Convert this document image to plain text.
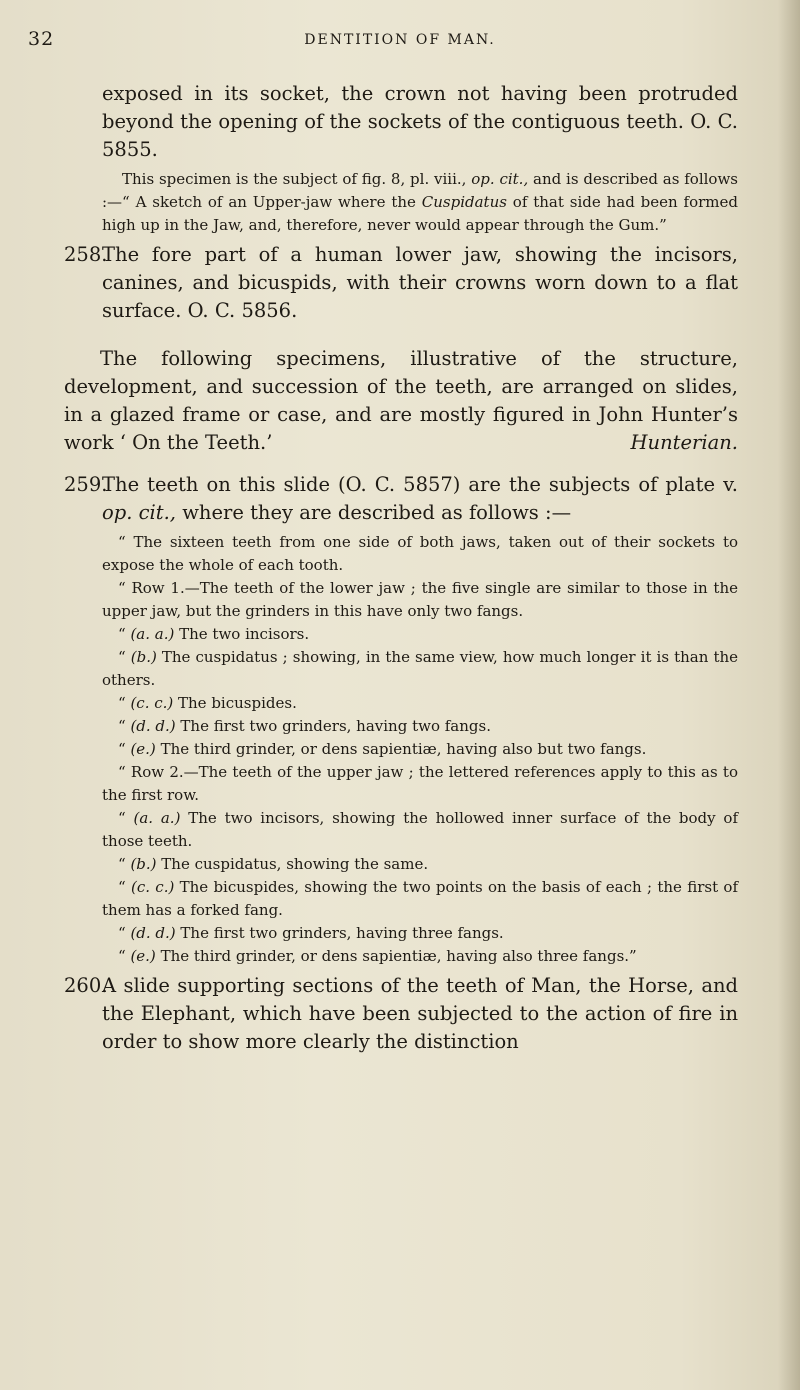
32	DENTITION OF MAN.

exposed in its socket, the crown not having been protruded beyond the opening of the sockets of the contiguous teeth. O. C. 5855.

This specimen is the subject of fig. 8, pl. viii., op. cit., and is described as follows :—“ A sketch of an Upper-jaw where the Cuspidatus of that side had been formed high up in the Jaw, and, therefore, never would appear through the Gum.”

258.
The fore part of a human lower jaw, showing the incisors, canines, and bicuspids, with their crowns worn down to a flat surface. O. C. 5856.

The following specimens, illustrative of the structure, development, and succession of the teeth, are arranged on slides, in a glazed frame or case, and are mostly figured in John Hunter’s work ‘ On the Teeth.’	Hunterian.

259.
The teeth on this slide (O. C. 5857) are the subjects of plate v. op. cit., where they are described as follows :—

“ The sixteen teeth from one side of both jaws, taken out of their sockets to expose the whole of each tooth.

“ Row 1.—The teeth of the lower jaw ; the five single are similar to those in the upper jaw, but the grinders in this have only two fangs.

“ (a. a.) The two incisors.

“ (b.) The cuspidatus ; showing, in the same view, how much longer it is than the others.

“ (c. c.) The bicuspides.

“ (d. d.) The first two grinders, having two fangs.

“ (e.) The third grinder, or dens sapientiæ, having also but two fangs.

“ Row 2.—The teeth of the upper jaw ; the lettered references apply to this as to the first row.

“ (a. a.) The two incisors, showing the hollowed inner surface of the body of those teeth.

“ (b.) The cuspidatus, showing the same.

“ (c. c.) The bicuspides, showing the two points on the basis of each ; the first of them has a forked fang.

“ (d. d.) The first two grinders, having three fangs.

“ (e.) The third grinder, or dens sapientiæ, having also three fangs.”

260.
A slide supporting sections of the teeth of Man, the Horse, and the Elephant, which have been subjected to the action of fire in order to show more clearly the distinction
